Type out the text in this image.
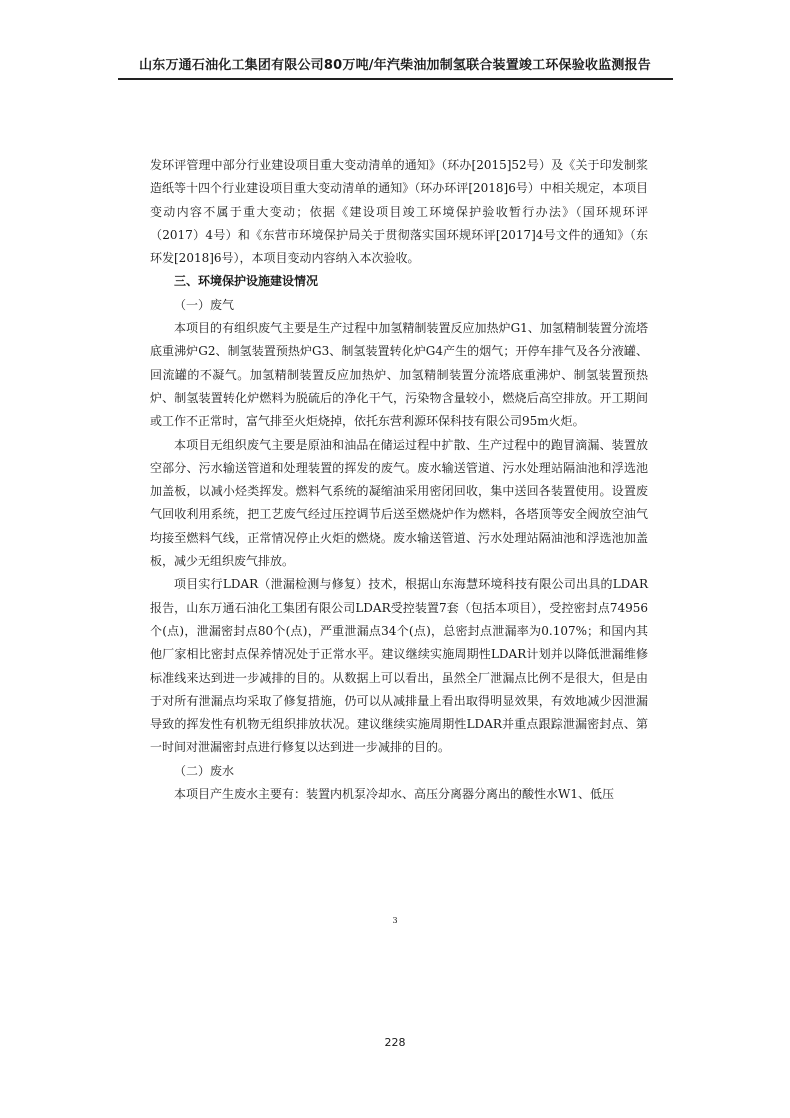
山东万通石油化工集团有限公司80万吨/年汽柴油加制氢联合装置竣工环保验收监测报告

发环评管理中部分行业建设项目重大变动清单的通知》（环办[2015]52号）及《关于印发制浆造纸等十四个行业建设项目重大变动清单的通知》（环办环评[2018]6号）中相关规定，本项目变动内容不属于重大变动；依据《建设项目竣工环境保护验收暂行办法》（国环规环评（2017）4号）和《东营市环境保护局关于贯彻落实国环规环评[2017]4号文件的通知》（东环发[2018]6号），本项目变动内容纳入本次验收。

三、环境保护设施建设情况

（一）废气

本项目的有组织废气主要是生产过程中加氢精制装置反应加热炉G1、加氢精制装置分流塔底重沸炉G2、制氢装置预热炉G3、制氢装置转化炉G4产生的烟气；开停车排气及各分液罐、回流罐的不凝气。加氢精制装置反应加热炉、加氢精制装置分流塔底重沸炉、制氢装置预热炉、制氢装置转化炉燃料为脱硫后的净化干气，污染物含量较小，燃烧后高空排放。开工期间或工作不正常时，富气排至火炬烧掉，依托东营利源环保科技有限公司95m火炬。

本项目无组织废气主要是原油和油品在储运过程中扩散、生产过程中的跑冒滴漏、装置放空部分、污水输送管道和处理装置的挥发的废气。废水输送管道、污水处理站隔油池和浮选池加盖板，以减小烃类挥发。燃料气系统的凝缩油采用密闭回收，集中送回各装置使用。设置废气回收利用系统，把工艺废气经过压控调节后送至燃烧炉作为燃料，各塔顶等安全阀放空油气均接至燃料气线，正常情况停止火炬的燃烧。废水输送管道、污水处理站隔油池和浮选池加盖板，减少无组织废气排放。

项目实行LDAR（泄漏检测与修复）技术，根据山东海慧环境科技有限公司出具的LDAR报告，山东万通石油化工集团有限公司LDAR受控装置7套（包括本项目），受控密封点74956个(点)，泄漏密封点80个(点)，严重泄漏点34个(点)，总密封点泄漏率为0.107%；和国内其他厂家相比密封点保养情况处于正常水平。建议继续实施周期性LDAR计划并以降低泄漏维修标准线来达到进一步减排的目的。从数据上可以看出，虽然全厂泄漏点比例不是很大，但是由于对所有泄漏点均采取了修复措施，仍可以从减排量上看出取得明显效果，有效地减少因泄漏导致的挥发性有机物无组织排放状况。建议继续实施周期性LDAR并重点跟踪泄漏密封点、第一时间对泄漏密封点进行修复以达到进一步减排的目的。

（二）废水

本项目产生废水主要有：装置内机泵冷却水、高压分离器分离出的酸性水W1、低压

3
228
